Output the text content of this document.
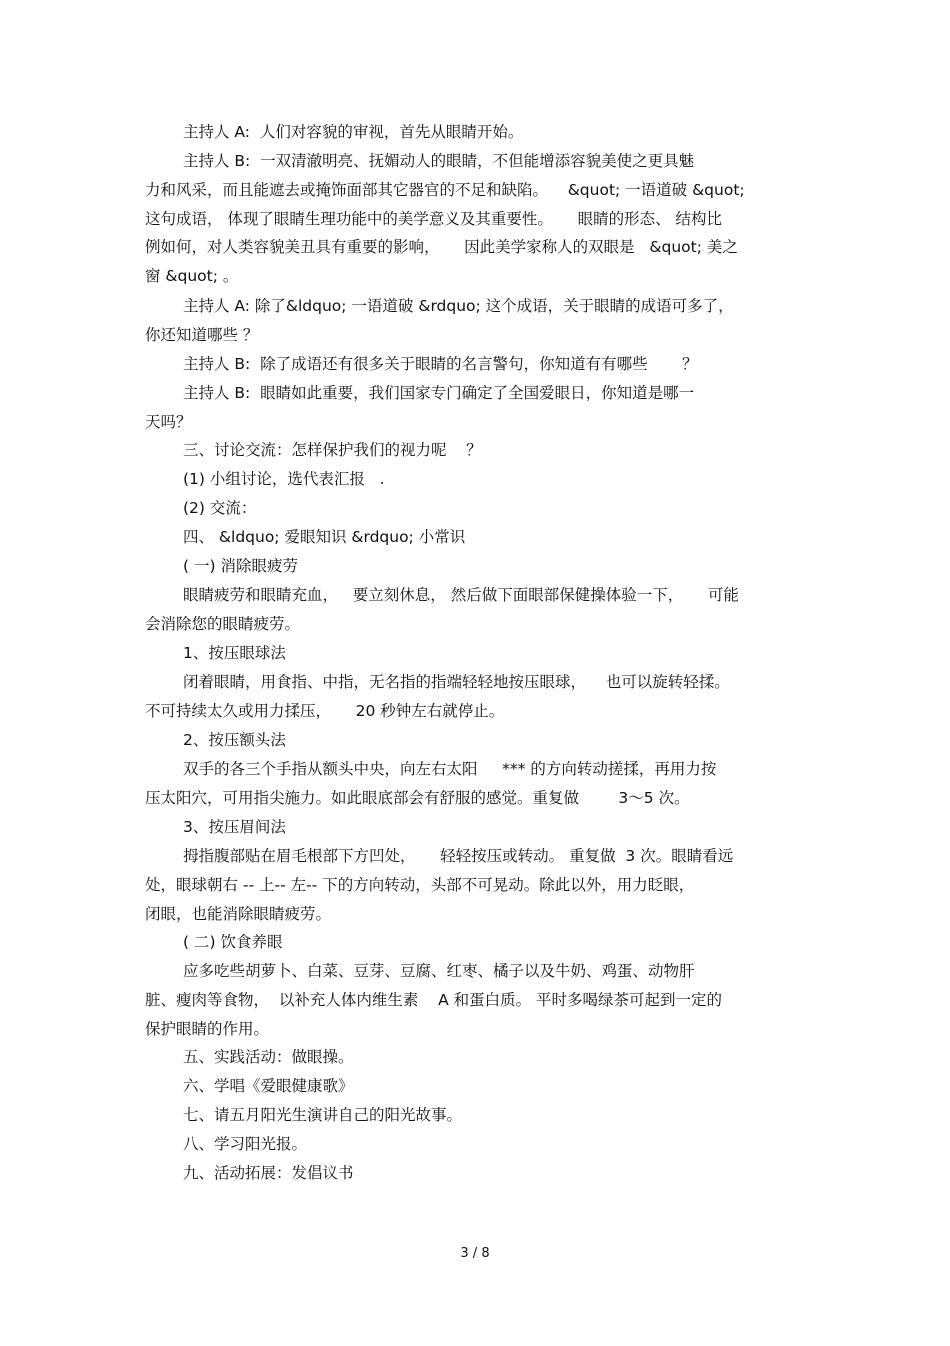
主持人 A:  人们对容貌的审视，首先从眼睛开始。
主持人 B:  一双清澈明亮、抚媚动人的眼睛，不但能增添容貌美使之更具魅
力和风采，而且能遮去或掩饰面部其它器官的不足和缺陷。    &quot; 一语道破 &quot;
这句成语， 体现了眼睛生理功能中的美学意义及其重要性。     眼睛的形态、 结构比
例如何，对人类容貌美丑具有重要的影响，     因此美学家称人的双眼是   &quot; 美之
窗 &quot; 。
主持人 A: 除了&ldquo; 一语道破 &rdquo; 这个成语，关于眼睛的成语可多了，
你还知道哪些 ？
主持人 B:  除了成语还有很多关于眼睛的名言警句，你知道有有哪些       ？
主持人 B:  眼睛如此重要，我们国家专门确定了全国爱眼日，你知道是哪一
天吗？
三、讨论交流：怎样保护我们的视力呢    ？
(1) 小组讨论，选代表汇报   .
(2) 交流：
四、 &ldquo; 爱眼知识 &rdquo; 小常识
( 一) 消除眼疲劳
眼睛疲劳和眼睛充血，   要立刻休息， 然后做下面眼部保健操体验一下，     可能
会消除您的眼睛疲劳。
1、按压眼球法
闭着眼睛，用食指、中指，无名指的指端轻轻地按压眼球，    也可以旋转轻揉。
不可持续太久或用力揉压，     20 秒钟左右就停止。
2、按压额头法
双手的各三个手指从额头中央，向左右太阳     *** 的方向转动搓揉，再用力按
压太阳穴，可用指尖施力。如此眼底部会有舒服的感觉。重复做        3～5 次。
3、按压眉间法
拇指腹部贴在眉毛根部下方凹处，     轻轻按压或转动。 重复做  3 次。眼睛看远
处，眼球朝右 -- 上-- 左-- 下的方向转动，头部不可晃动。除此以外，用力眨眼，
闭眼，也能消除眼睛疲劳。
( 二) 饮食养眼
应多吃些胡萝卜、白菜、豆芽、豆腐、红枣、橘子以及牛奶、鸡蛋、动物肝
脏、瘦肉等食物，  以补充人体内维生素    A 和蛋白质。 平时多喝绿茶可起到一定的
保护眼睛的作用。
五、实践活动：做眼操。
六、学唱《爱眼健康歌》
七、请五月阳光生演讲自己的阳光故事。
八、学习阳光报。
九、活动拓展：发倡议书
3 / 8
